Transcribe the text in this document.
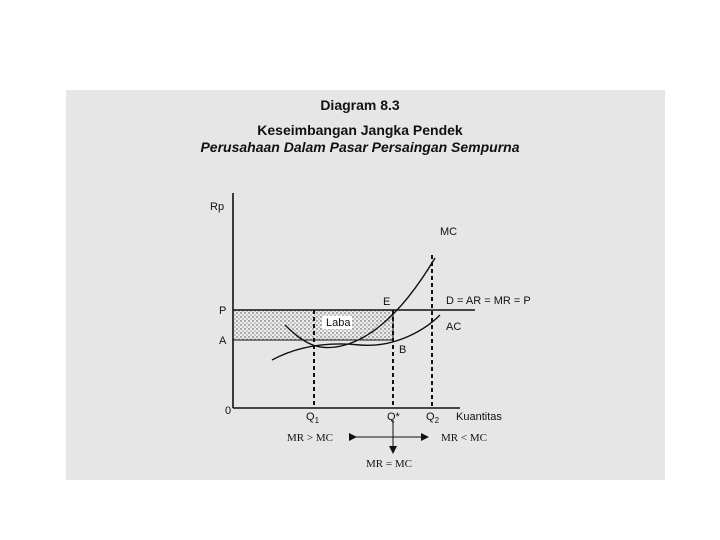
Diagram 8.3
Keseimbangan Jangka Pendek
Perusahaan Dalam Pasar Persaingan Sempurna
Rp
Kuantitas
0
P
A
$Q_1$	Q* $Q_2$
MC
AC
D = AR = MR = P
E
B
Laba
MR > MC	MR < MC
MR = MC
